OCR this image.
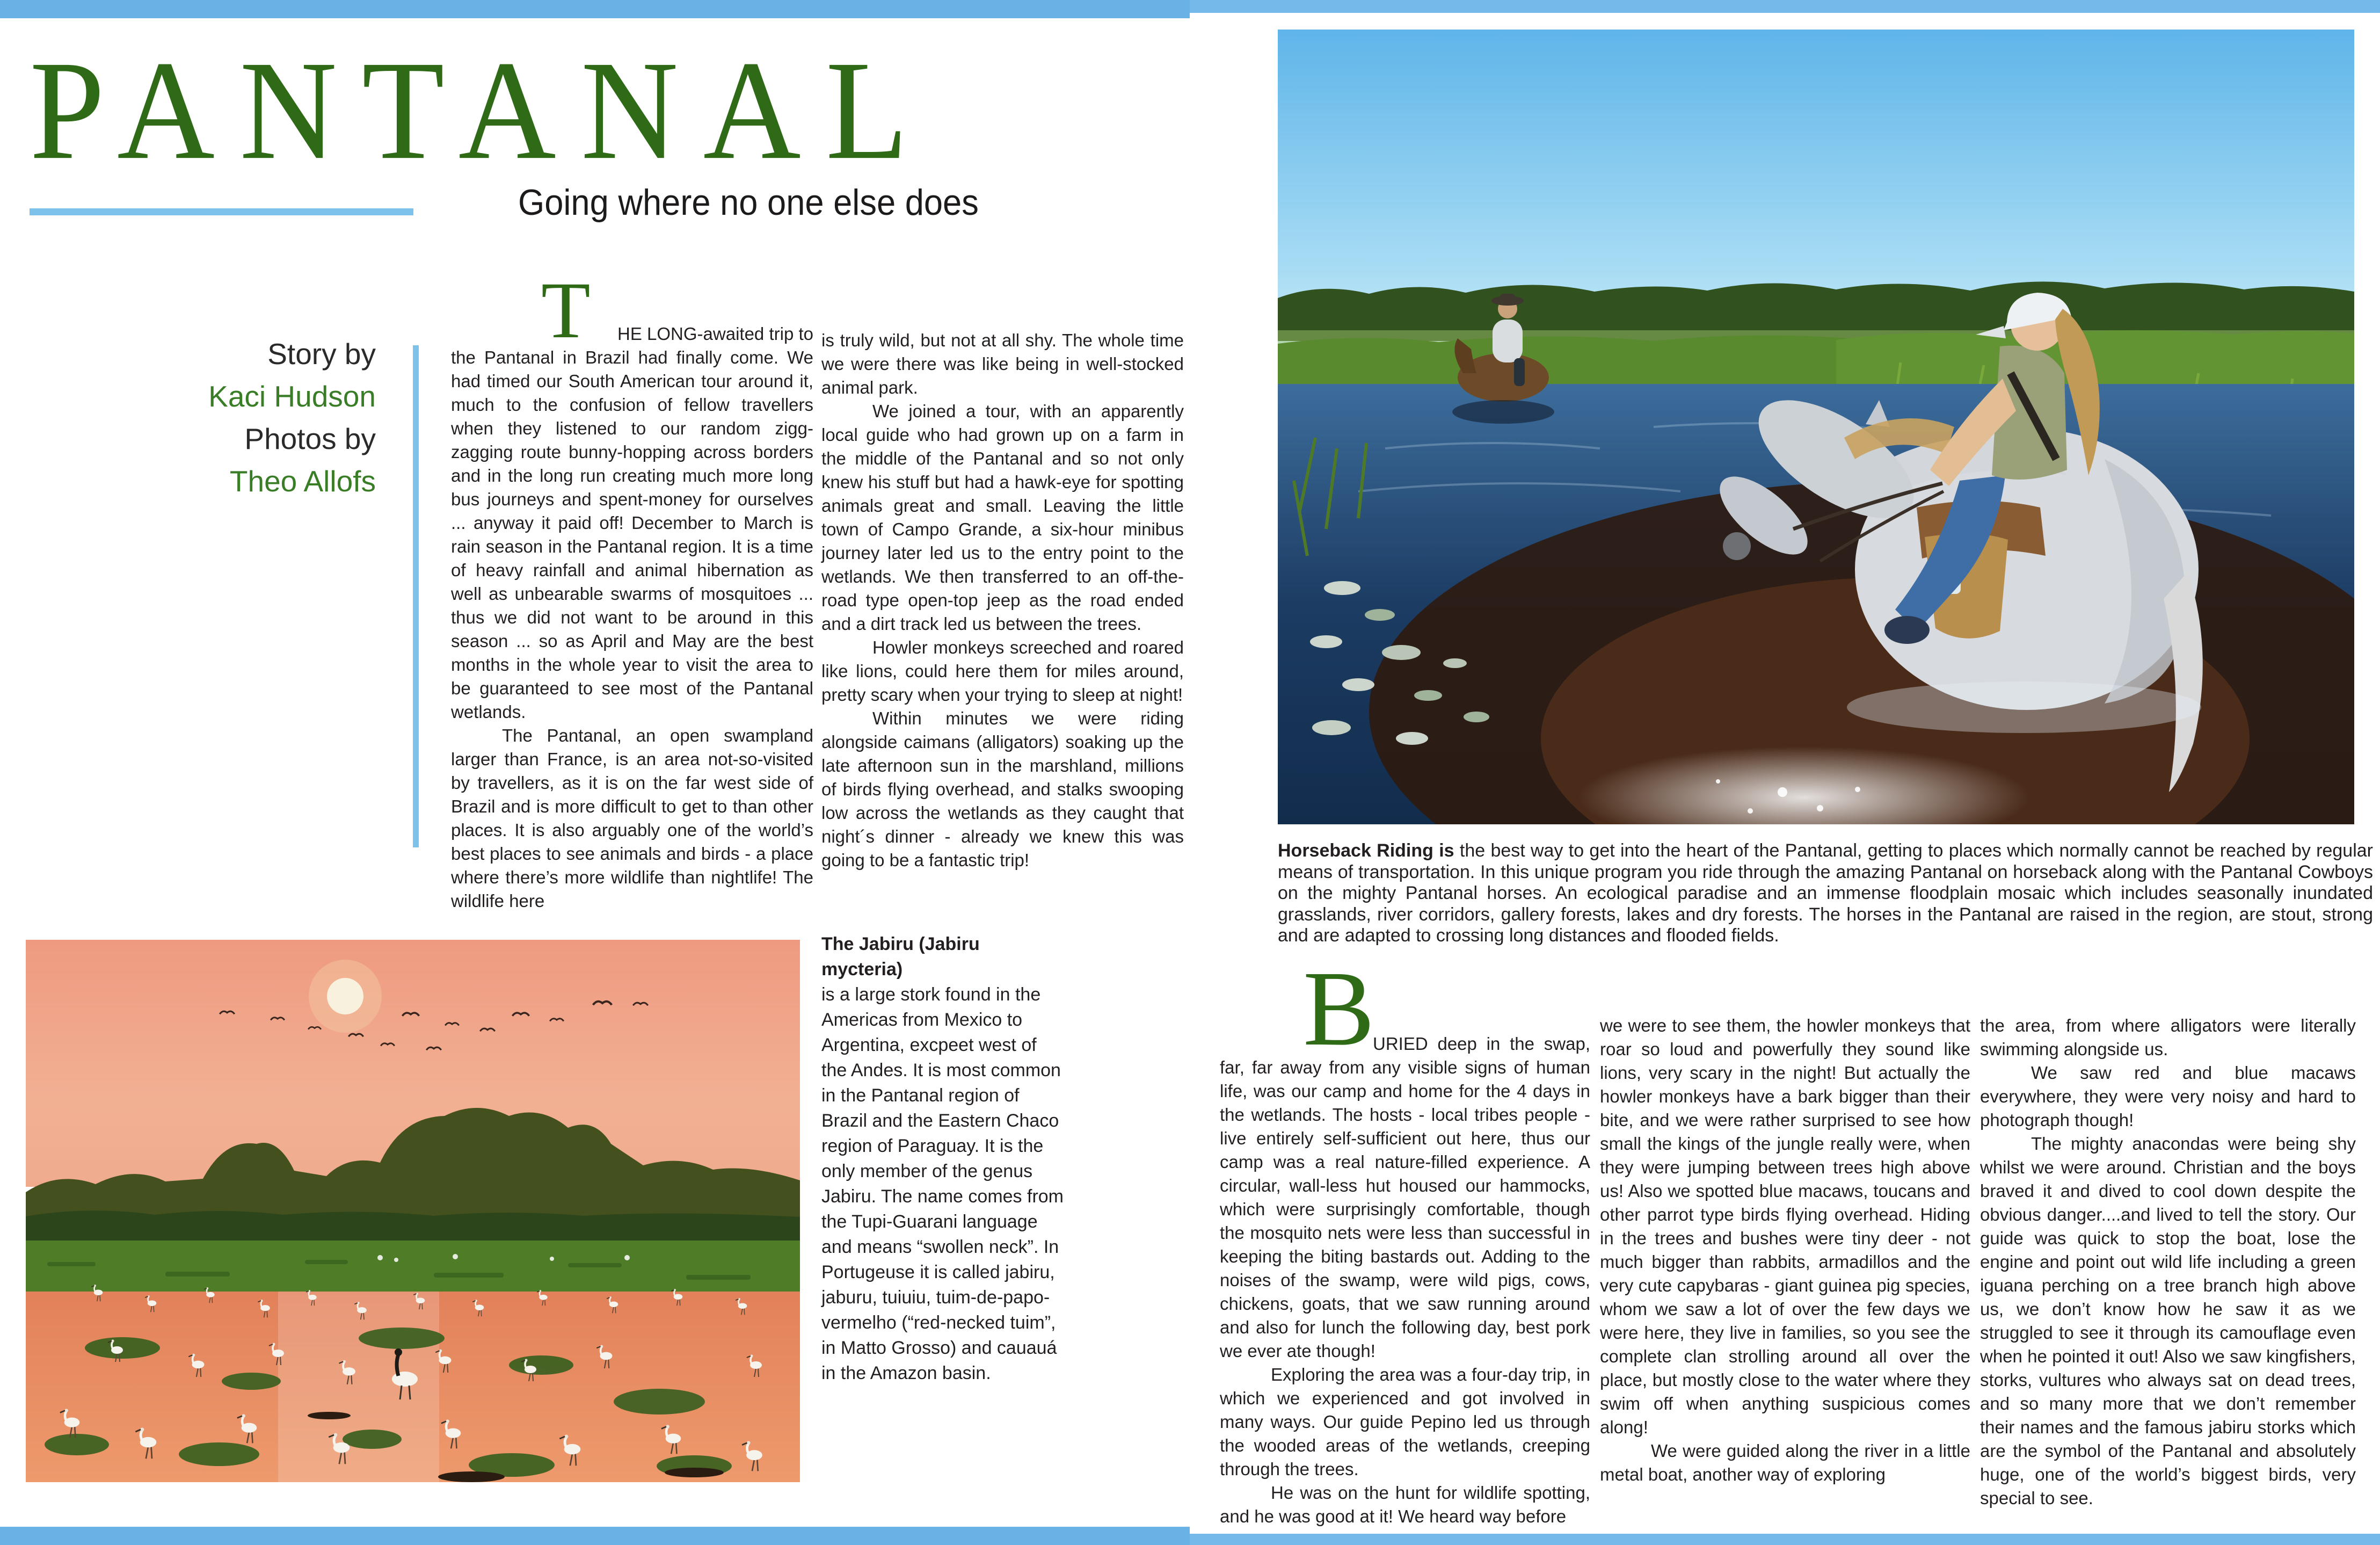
PANTANAL
Going where no one else does
Story by
Kaci Hudson
Photos by
Theo Allofs
T	HE LONG-awaited trip to the Pantanal in Brazil had finally come. We had timed our South American tour around it, much to the confusion of fellow travellers when they listened to our random zigg-zagging route bunny-hopping across borders and in the long run creating much more long bus journeys and spent-money for ourselves ... anyway it paid off! December to March is rain season in the Pantanal region. It is a time of heavy rainfall and animal hibernation as well as unbearable swarms of mosquitoes ... thus we did not want to be around in this season ... so as April and May are the best months in the whole year to visit the area to be guaranteed to see most of the Pantanal wetlands.

The Pantanal, an open swampland larger than France, is an area not-so-visited by travellers, as it is on the far west side of Brazil and is more difficult to get to than other places. It is also arguably one of the world’s best places to see animals and birds - a place where there’s more wildlife than nightlife! The wildlife here

is truly wild, but not at all shy. The whole time we were there was like being in well-stocked animal park.

We joined a tour, with an apparently local guide who had grown up on a farm in the middle of the Pantanal and so not only knew his stuff but had a hawk-eye for spotting animals great and small. Leaving the little town of Campo Grande, a six-hour minibus journey later led us to the entry point to the wetlands. We then transferred to an off-the-road type open-top jeep as the road ended and a dirt track led us between the trees.

Howler monkeys screeched and roared like lions, could here them for miles around, pretty scary when your trying to sleep at night!

Within minutes we were riding alongside caimans (alligators) soaking up the late afternoon sun in the marshland, millions of birds flying overhead, and stalks swooping low across the wetlands as they caught that night´s dinner - already we knew this was going to be a fantastic trip!

The Jabiru (Jabiru mycteria)
is a large stork found in the Americas from Mexico to Argentina, excpeet west of the Andes. It is most common in the Pantanal region of Brazil and the Eastern Chaco region of Paraguay. It is the only member of the genus Jabiru. The name comes from the Tupi-Guarani language and means “swollen neck”. In Portugeuse it is called jabiru, jaburu, tuiuiu, tuim-de-papo-vermelho (“red-necked tuim”, in Matto Grosso) and cauauá in the Amazon basin.
Horseback Riding is the best way to get into the heart of the Pantanal, getting to places which normally cannot be reached by regular means of transportation. In this unique program you ride through the amazing Pantanal on horseback along with the Pantanal Cowboys on the mighty Pantanal horses. An ecological paradise and an immense floodplain mosaic which includes seasonally inundated grasslands, river corridors, gallery forests, lakes and dry forests. The horses in the Pantanal are raised in the region, are stout, strong and are adapted to crossing long distances and flooded fields.
B

URIED deep in the swap, far, far away from any visible signs of human life, was our camp and home for the 4 days in the wetlands. The hosts - local tribes people - live entirely self-sufficient out here, thus our camp was a real nature-filled experience. A circular, wall-less hut housed our hammocks, which were surprisingly comfortable, though the mosquito nets were less than successful in keeping the biting bastards out. Adding to the noises of the swamp, were wild pigs, cows, chickens, goats, that we saw running around and also for lunch the following day, best pork we ever ate though!

Exploring the area was a four-day trip, in which we experienced and got involved in many ways. Our guide Pepino led us through the wooded areas of the wetlands, creeping through the trees.

He was on the hunt for wildlife spotting, and he was good at it! We heard way before

we were to see them, the howler monkeys that roar so loud and powerfully they sound like lions, very scary in the night! But actually the howler monkeys have a bark bigger than their bite, and we were rather surprised to see how small the kings of the jungle really were, when they were jumping between trees high above us! Also we spotted blue macaws, toucans and other parrot type birds flying overhead. Hiding in the trees and bushes were tiny deer - not much bigger than rabbits, armadillos and the very cute capybaras - giant guinea pig species, whom we saw a lot of over the few days we were here, they live in families, so you see the complete clan strolling around all over the place, but mostly close to the water where they swim off when anything suspicious comes along!

We were guided along the river in a little metal boat, another way of exploring

the area, from where alligators were literally swimming alongside us.

We saw red and blue macaws everywhere, they were very noisy and hard to photograph though!

The mighty anacondas were being shy whilst we were around. Christian and the boys braved it and dived to cool down despite the obvious danger....and lived to tell the story. Our guide was quick to stop the boat, lose the engine and point out wild life including a green iguana perching on a tree branch high above us, we don’t know how he saw it as we struggled to see it through its camouflage even when he pointed it out! Also we saw kingfishers, storks, vultures who always sat on dead trees, and so many more that we don’t remember their names and the famous jabiru storks which are the symbol of the Pantanal and absolutely huge, one of the world’s biggest birds, very special to see.
